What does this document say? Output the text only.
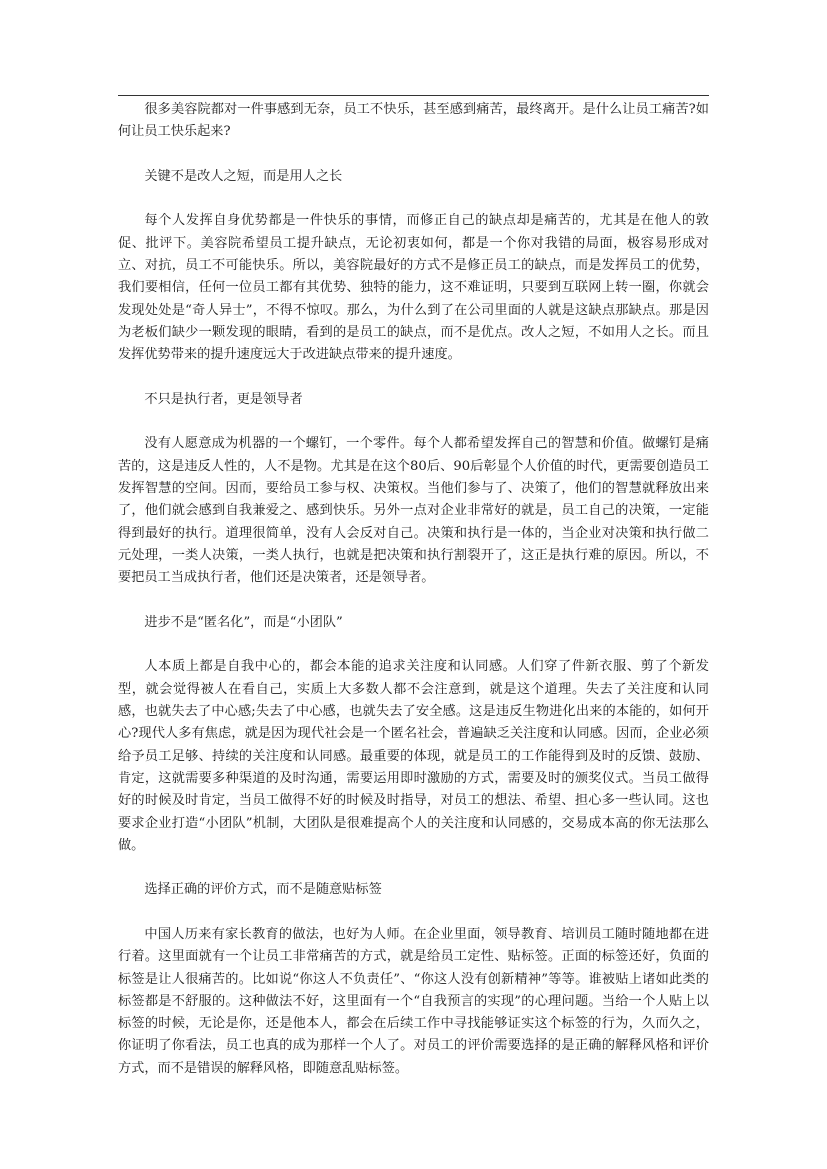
很多美容院都对一件事感到无奈，员工不快乐，甚至感到痛苦，最终离开。是什么让员工痛苦?如何让员工快乐起来?

关键不是改人之短，而是用人之长

每个人发挥自身优势都是一件快乐的事情，而修正自己的缺点却是痛苦的，尤其是在他人的敦促、批评下。美容院希望员工提升缺点，无论初衷如何，都是一个你对我错的局面，极容易形成对立、对抗，员工不可能快乐。所以，美容院最好的方式不是修正员工的缺点，而是发挥员工的优势，我们要相信，任何一位员工都有其优势、独特的能力，这不难证明，只要到互联网上转一圈，你就会发现处处是“奇人异士”，不得不惊叹。那么，为什么到了在公司里面的人就是这缺点那缺点。那是因为老板们缺少一颗发现的眼睛，看到的是员工的缺点，而不是优点。改人之短，不如用人之长。而且发挥优势带来的提升速度远大于改进缺点带来的提升速度。

不只是执行者，更是领导者

没有人愿意成为机器的一个螺钉，一个零件。每个人都希望发挥自己的智慧和价值。做螺钉是痛苦的，这是违反人性的，人不是物。尤其是在这个80后、90后彰显个人价值的时代，更需要创造员工发挥智慧的空间。因而，要给员工参与权、决策权。当他们参与了、决策了，他们的智慧就释放出来了，他们就会感到自我兼爱之、感到快乐。另外一点对企业非常好的就是，员工自己的决策，一定能得到最好的执行。道理很简单，没有人会反对自己。决策和执行是一体的，当企业对决策和执行做二元处理，一类人决策，一类人执行，也就是把决策和执行割裂开了，这正是执行难的原因。所以，不要把员工当成执行者，他们还是决策者，还是领导者。

进步不是“匿名化”，而是“小团队”

人本质上都是自我中心的，都会本能的追求关注度和认同感。人们穿了件新衣服、剪了个新发型，就会觉得被人在看自己，实质上大多数人都不会注意到，就是这个道理。失去了关注度和认同感，也就失去了中心感;失去了中心感，也就失去了安全感。这是违反生物进化出来的本能的，如何开心?现代人多有焦虑，就是因为现代社会是一个匿名社会，普遍缺乏关注度和认同感。因而，企业必须给予员工足够、持续的关注度和认同感。最重要的体现，就是员工的工作能得到及时的反馈、鼓励、肯定，这就需要多种渠道的及时沟通，需要运用即时激励的方式，需要及时的颁奖仪式。当员工做得好的时候及时肯定，当员工做得不好的时候及时指导，对员工的想法、希望、担心多一些认同。这也要求企业打造“小团队”机制，大团队是很难提高个人的关注度和认同感的，交易成本高的你无法那么做。

选择正确的评价方式，而不是随意贴标签

中国人历来有家长教育的做法，也好为人师。在企业里面，领导教育、培训员工随时随地都在进行着。这里面就有一个让员工非常痛苦的方式，就是给员工定性、贴标签。正面的标签还好，负面的标签是让人很痛苦的。比如说“你这人不负责任”、“你这人没有创新精神”等等。谁被贴上诸如此类的标签都是不舒服的。这种做法不好，这里面有一个“自我预言的实现”的心理问题。当给一个人贴上以标签的时候，无论是你，还是他本人，都会在后续工作中寻找能够证实这个标签的行为，久而久之，你证明了你看法，员工也真的成为那样一个人了。对员工的评价需要选择的是正确的解释风格和评价方式，而不是错误的解释风格，即随意乱贴标签。
